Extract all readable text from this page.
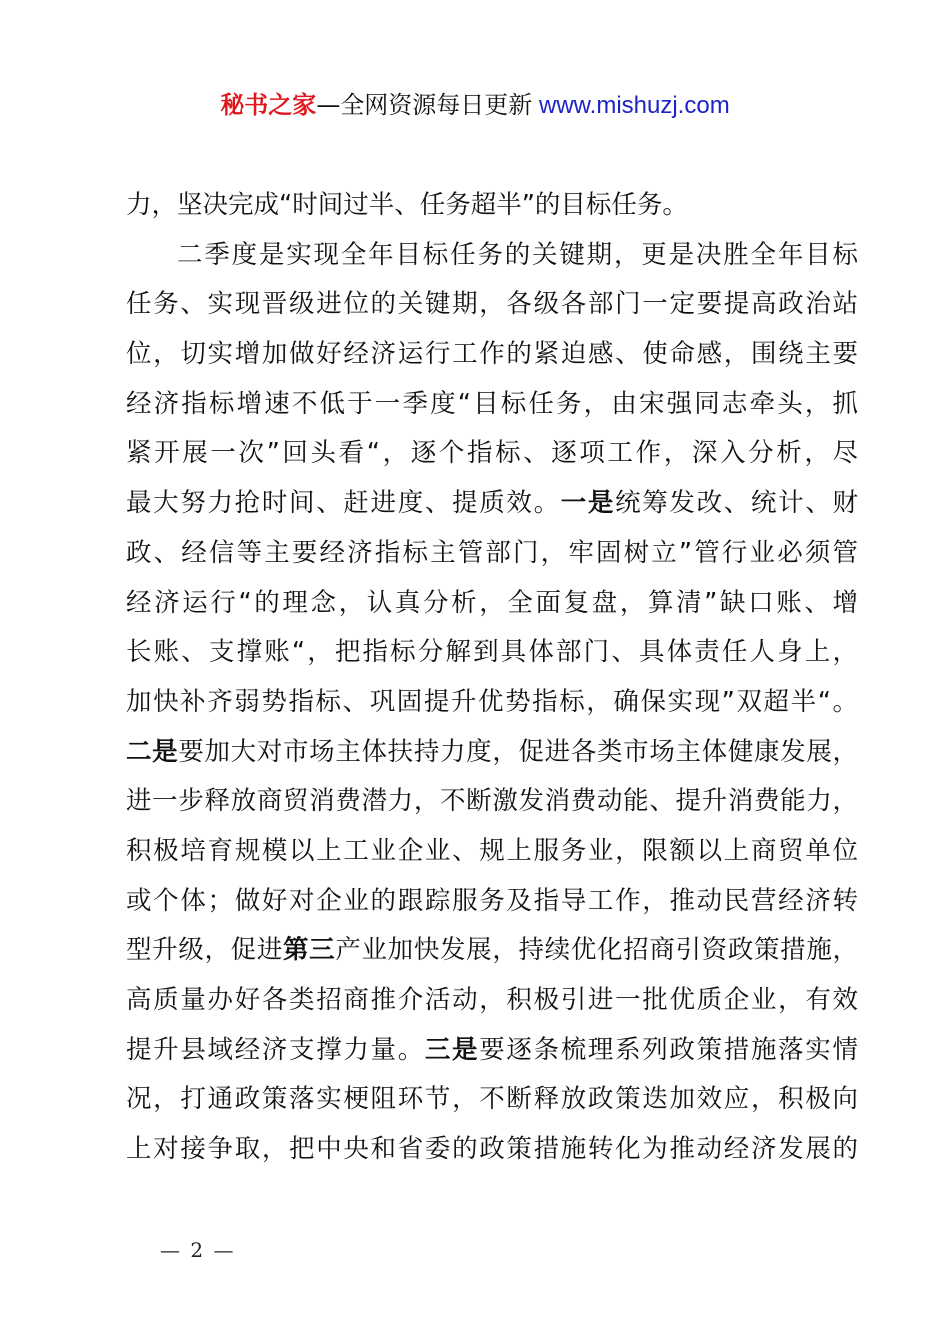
秘书之家—全网资源每日更新 www.mishuzj.com
力，坚决完成“时间过半、任务超半”的目标任务。
二季度是实现全年目标任务的关键期，更是决胜全年目标
任务、实现晋级进位的关键期，各级各部门一定要提高政治站
位，切实增加做好经济运行工作的紧迫感、使命感，围绕主要
经济指标增速不低于一季度“目标任务，由宋强同志牵头，抓
紧开展一次”回头看“，逐个指标、逐项工作，深入分析，尽
最大努力抢时间、赶进度、提质效。一是统筹发改、统计、财
政、经信等主要经济指标主管部门，牢固树立”管行业必须管
经济运行“的理念，认真分析，全面复盘，算清”缺口账、增
长账、支撑账“，把指标分解到具体部门、具体责任人身上，
加快补齐弱势指标、巩固提升优势指标，确保实现”双超半“。
二是要加大对市场主体扶持力度，促进各类市场主体健康发展，
进一步释放商贸消费潜力，不断激发消费动能、提升消费能力，
积极培育规模以上工业企业、规上服务业，限额以上商贸单位
或个体；做好对企业的跟踪服务及指导工作，推动民营经济转
型升级，促进第三产业加快发展，持续优化招商引资政策措施，
高质量办好各类招商推介活动，积极引进一批优质企业，有效
提升县域经济支撑力量。三是要逐条梳理系列政策措施落实情
况，打通政策落实梗阻环节，不断释放政策迭加效应，积极向
上对接争取，把中央和省委的政策措施转化为推动经济发展的
— 2 —
